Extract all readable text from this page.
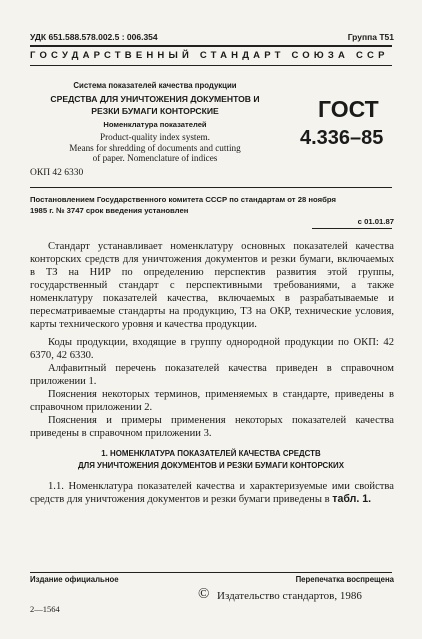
УДК 651.588.578.002.5 : 006.354	Группа Т51
ГОСУДАРСТВЕННЫЙ СТАНДАРТ СОЮЗА ССР
Система показателей качества продукции
СРЕДСТВА ДЛЯ УНИЧТОЖЕНИЯ ДОКУМЕНТОВ И
РЕЗКИ БУМАГИ КОНТОРСКИЕ
Номенклатура показателей
Product-quality index system.
Means for shredding of documents and cutting
of paper. Nomenclature of indices
ГОСТ
4.336–85
ОКП 42 6330
Постановлением Государственного комитета СССР по стандартам от 28 ноября
1985 г. № 3747 срок введения установлен
с 01.01.87
Стандарт устанавливает номенклатуру основных показателей качества конторских средств для уничтожения документов и резки бумаги, включаемых в ТЗ на НИР по определению перспектив развития этой группы, государственный стандарт с перспективными требованиями, а также номенклатуру показателей качества, включаемых в разрабатываемые и пересматриваемые стандарты на продукцию, ТЗ на ОКР, технические условия, карты технического уровня и качества продукции.
Коды продукции, входящие в группу однородной продукции по ОКП: 42 6370, 42 6330.
Алфавитный перечень показателей качества приведен в справочном приложении 1.
Пояснения некоторых терминов, применяемых в стандарте, приведены в справочном приложении 2.
Пояснения и примеры применения некоторых показателей качества приведены в справочном приложении 3.
1. НОМЕНКЛАТУРА ПОКАЗАТЕЛЕЙ КАЧЕСТВА СРЕДСТВ
ДЛЯ УНИЧТОЖЕНИЯ ДОКУМЕНТОВ И РЕЗКИ БУМАГИ КОНТОРСКИХ
1.1. Номенклатура показателей качества и характеризуемые ими свойства средств для уничтожения документов и резки бумаги приведены в табл. 1.
Издание официальное	Перепечатка воспрещена
© Издательство стандартов, 1986
2—1564
